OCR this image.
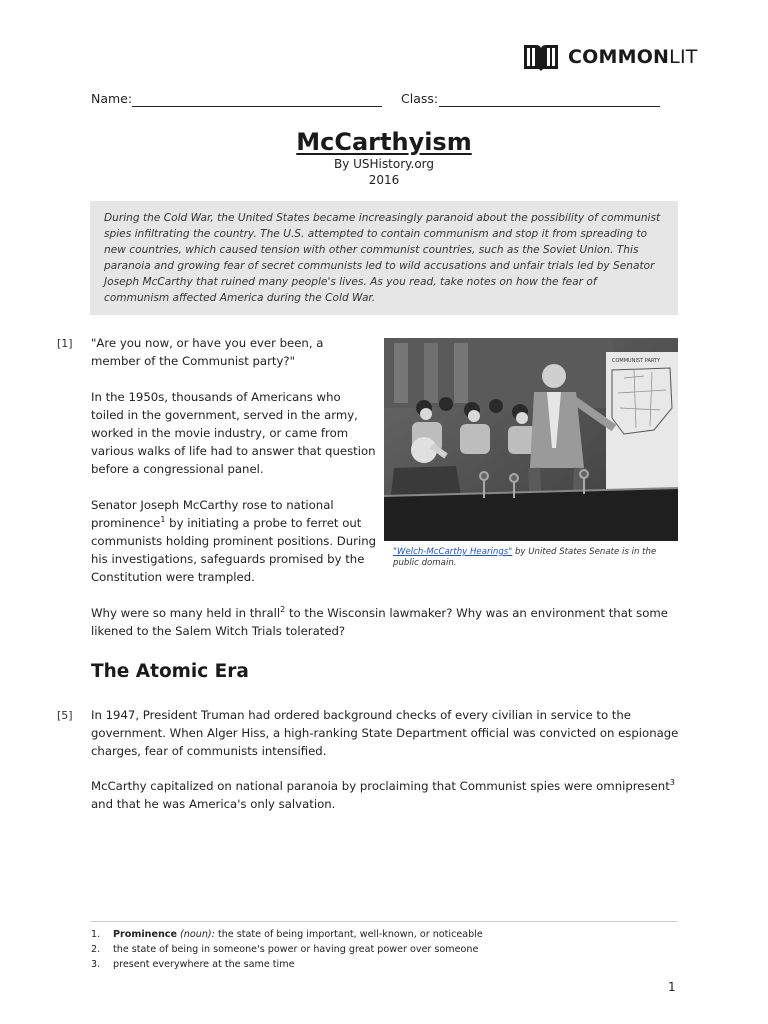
COMMONLIT
Name:	Class:
McCarthyism
By USHistory.org
2016

During the Cold War, the United States became increasingly paranoid about the possibility of communist spies infiltrating the country. The U.S. attempted to contain communism and stop it from spreading to new countries, which caused tension with other communist countries, such as the Soviet Union. This paranoia and growing fear of secret communists led to wild accusations and unfair trials led by Senator Joseph McCarthy that ruined many people's lives. As you read, take notes on how the fear of communism affected America during the Cold War.

[1] "Are you now, or have you ever been, a member of the Communist party?"

In the 1950s, thousands of Americans who toiled in the government, served in the army, worked in the movie industry, or came from various walks of life had to answer that question before a congressional panel.

Senator Joseph McCarthy rose to national prominence$^1$ by initiating a probe to ferret out communists holding prominent positions. During his investigations, safeguards promised by the Constitution were trampled.

COMMUNIST PARTY
"Welch-McCarthy Hearings" by United States Senate is in the public domain.

Why were so many held in thrall$^2$ to the Wisconsin lawmaker? Why was an environment that some likened to the Salem Witch Trials tolerated?

The Atomic Era
[5] In 1947, President Truman had ordered background checks of every civilian in service to the government. When Alger Hiss, a high-ranking State Department official was convicted on espionage charges, fear of communists intensified.

McCarthy capitalized on national paranoia by proclaiming that Communist spies were omnipresent$^3$ and that he was America's only salvation.

1.	Prominence (noun): the state of being important, well-known, or noticeable
2.	the state of being in someone's power or having great power over someone
3.	present everywhere at the same time
1
